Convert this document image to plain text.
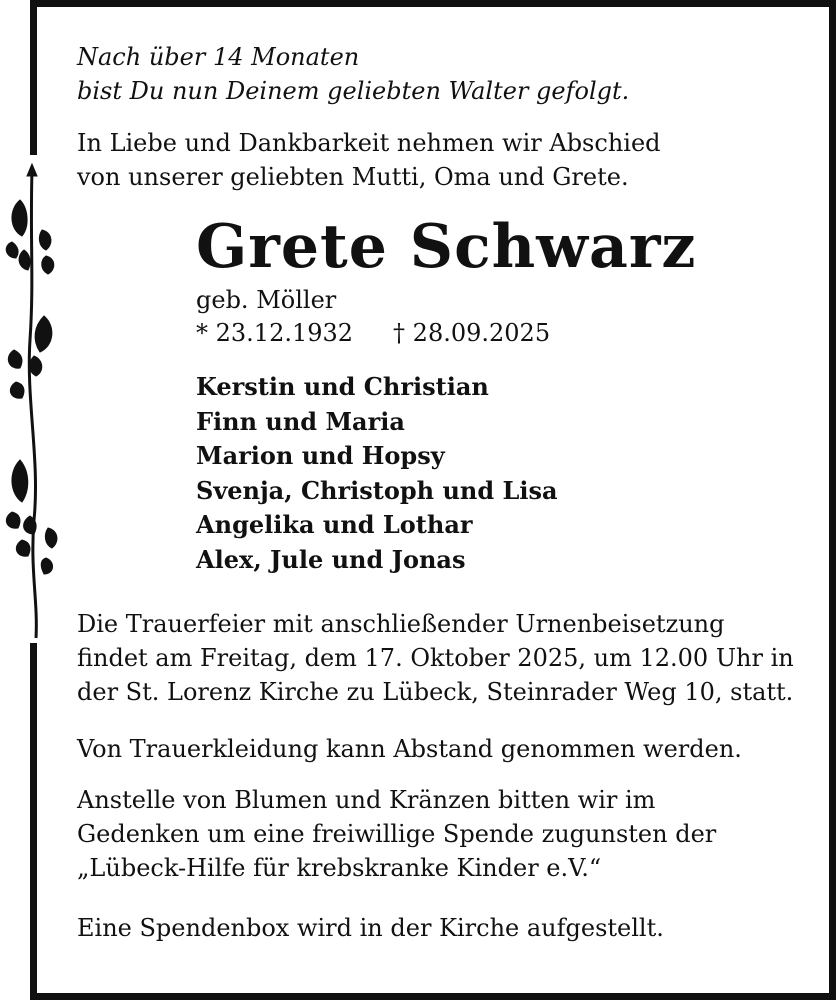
Nach über 14 Monaten
bist Du nun Deinem geliebten Walter gefolgt.
In Liebe und Dankbarkeit nehmen wir Abschied
von unserer geliebten Mutti, Oma und Grete.
Grete Schwarz
geb. Möller
* 23.12.1932 † 28.09.2025
Kerstin und Christian
Finn und Maria
Marion und Hopsy
Svenja, Christoph und Lisa
Angelika und Lothar
Alex, Jule und Jonas
Die Trauerfeier mit anschließender Urnenbeisetzung
findet am Freitag, dem 17. Oktober 2025, um 12.00 Uhr in
der St. Lorenz Kirche zu Lübeck, Steinrader Weg 10, statt.
Von Trauerkleidung kann Abstand genommen werden.
Anstelle von Blumen und Kränzen bitten wir im
Gedenken um eine freiwillige Spende zugunsten der
„Lübeck-Hilfe für krebskranke Kinder e.V.“
Eine Spendenbox wird in der Kirche aufgestellt.
